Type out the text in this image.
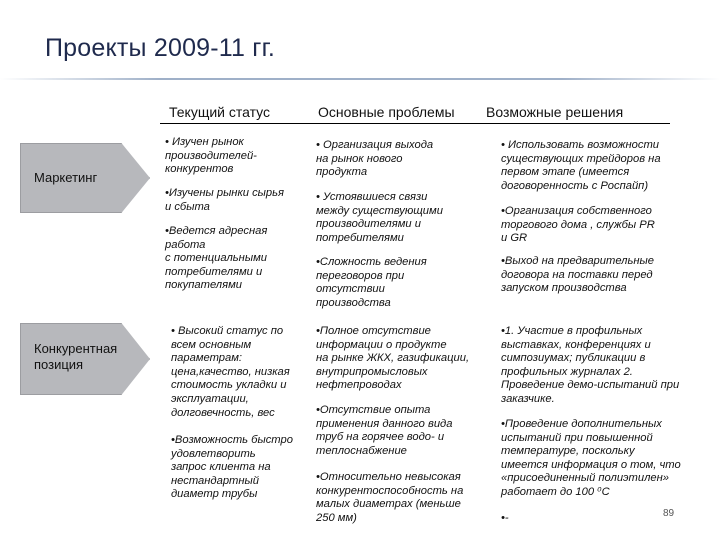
Проекты 2009-11 гг.
Текущий статус	Основные проблемы Возможные решения
Маркетинг
• Изучен рынок
производителей-
конкурентов
•Изучены рынки сырья
и сбыта
•Ведется адресная
работа
с потенциальными
потребителями и
покупателями
• Организация выхода
на рынок нового
продукта
• Устоявшиеся связи
между существующими
производителями и
потребителями
•Сложность ведения
переговоров при
отсутствии
производства
• Использовать возможности
существующих трейдоров на
первом этапе (имеется
договоренность с Роспайп)
•Организация собственного
торгового дома , службы PR
и GR
•Выход на предварительные
договора на поставки перед
запуском производства
Конкурентная
позиция
• Высокий статус по
всем основным
параметрам:
цена,качество, низкая
стоимость укладки и
эксплуатации,
долговечность, вес
•Возможность быстро
удовлетворить
запрос клиента на
нестандартный
диаметр трубы
•Полное отсутствие
информации о продукте
на рынке ЖКХ, газификации,
внутрипромысловых
нефтепроводах
•Отсутствие опыта
применения данного вида
труб на горячее водо- и
теплоснабжение
•Относительно невысокая
конкурентоспособность на
малых диаметрах (меньше
250 мм)
•1. Участие в профильных
выставках, конференциях и
симпозиумах; публикации в
профильных журналах 2.
Проведение демо-испытаний при
заказчике.
•Проведение дополнительных
испытаний при повышенной
температуре, поскольку
имеется информация о том, что
«присоединенный полиэтилен»
работает до 100 ⁰С
•-	89
